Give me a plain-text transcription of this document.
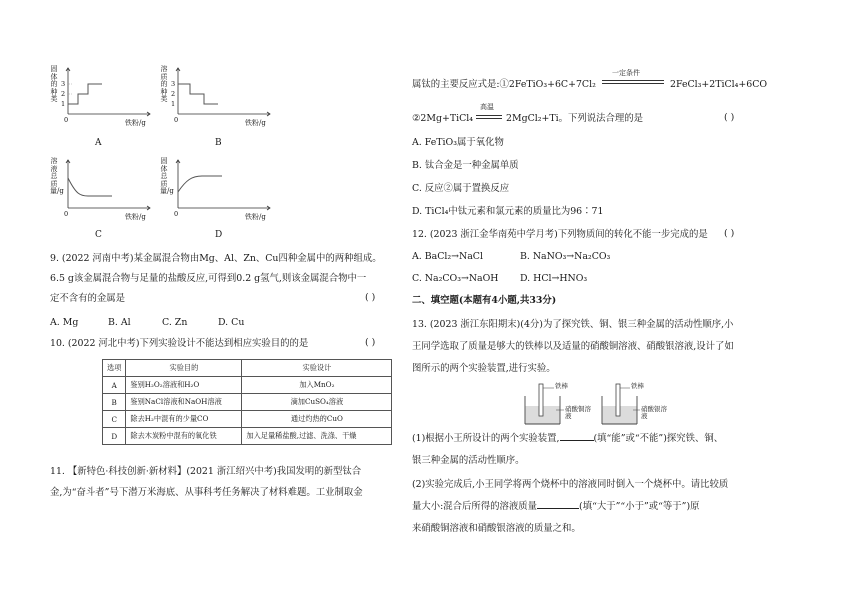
固体的种类
3
2
1
0	铁粉/g
A
溶质的种类
3
2
1
0	铁粉/g
B
溶液总质量/g
0	铁粉/g
C
固体总质量/g
0	铁粉/g
D
9. (2022 河南中考)某金属混合物由Mg、Al、Zn、Cu四种金属中的两种组成。
6.5 g该金属混合物与足量的盐酸反应,可得到0.2 g氢气,则该金属混合物中一
定不含有的金属是	( )
A. Mg	B. Al	C. Zn	D. Cu
10. (2022 河北中考)下列实验设计不能达到相应实验目的的是	( )
选项	实验目的	实验设计
A	鉴别H₂O₂溶液和H₂O	加入MnO₂
B	鉴别NaCl溶液和NaOH溶液	滴加CuSO₄溶液
C	除去H₂中混有的少量CO	通过灼热的CuO
D	除去木炭粉中混有的氧化铁	加入足量稀盐酸,过滤、洗涤、干燥
11. 【新特色·科技创新·新材料】(2021 浙江绍兴中考)我国发明的新型钛合
金,为“奋斗者”号下潜万米海底、从事科考任务解决了材料难题。工业制取金
属钛的主要反应式是:①2FeTiO₃+6C+7Cl₂
一定条件
2FeCl₃+2TiCl₄+6CO
②2Mg+TiCl₄
高温
2MgCl₂+Ti。下列说法合理的是	( )
A. FeTiO₃属于氧化物
B. 钛合金是一种金属单质
C. 反应②属于置换反应
D. TiCl₄中钛元素和氯元素的质量比为96∶71
12. (2023 浙江金华南苑中学月考)下列物质间的转化不能一步完成的是 ( )
A. BaCl₂→NaCl	B. NaNO₃→Na₂CO₃
C. Na₂CO₃→NaOH D. HCl→HNO₃
二、填空题(本题有4小题,共33分)
13. (2023 浙江东阳期末)(4分)为了探究铁、铜、银三种金属的活动性顺序,小
王同学选取了质量是够大的铁棒以及适量的硝酸铜溶液、硝酸银溶液,设计了如
图所示的两个实验装置,进行实验。
铁棒
硝酸铜溶液
铁棒
硝酸银溶液
(1)根据小王所设计的两个实验装置,	(填“能”或“不能”)探究铁、铜、
银三种金属的活动性顺序。
(2)实验完成后,小王同学将两个烧杯中的溶液同时倒入一个烧杯中。请比较质
量大小:混合后所得的溶液质量	(填“大于”“小于”或“等于”)原
来硝酸铜溶液和硝酸银溶液的质量之和。
